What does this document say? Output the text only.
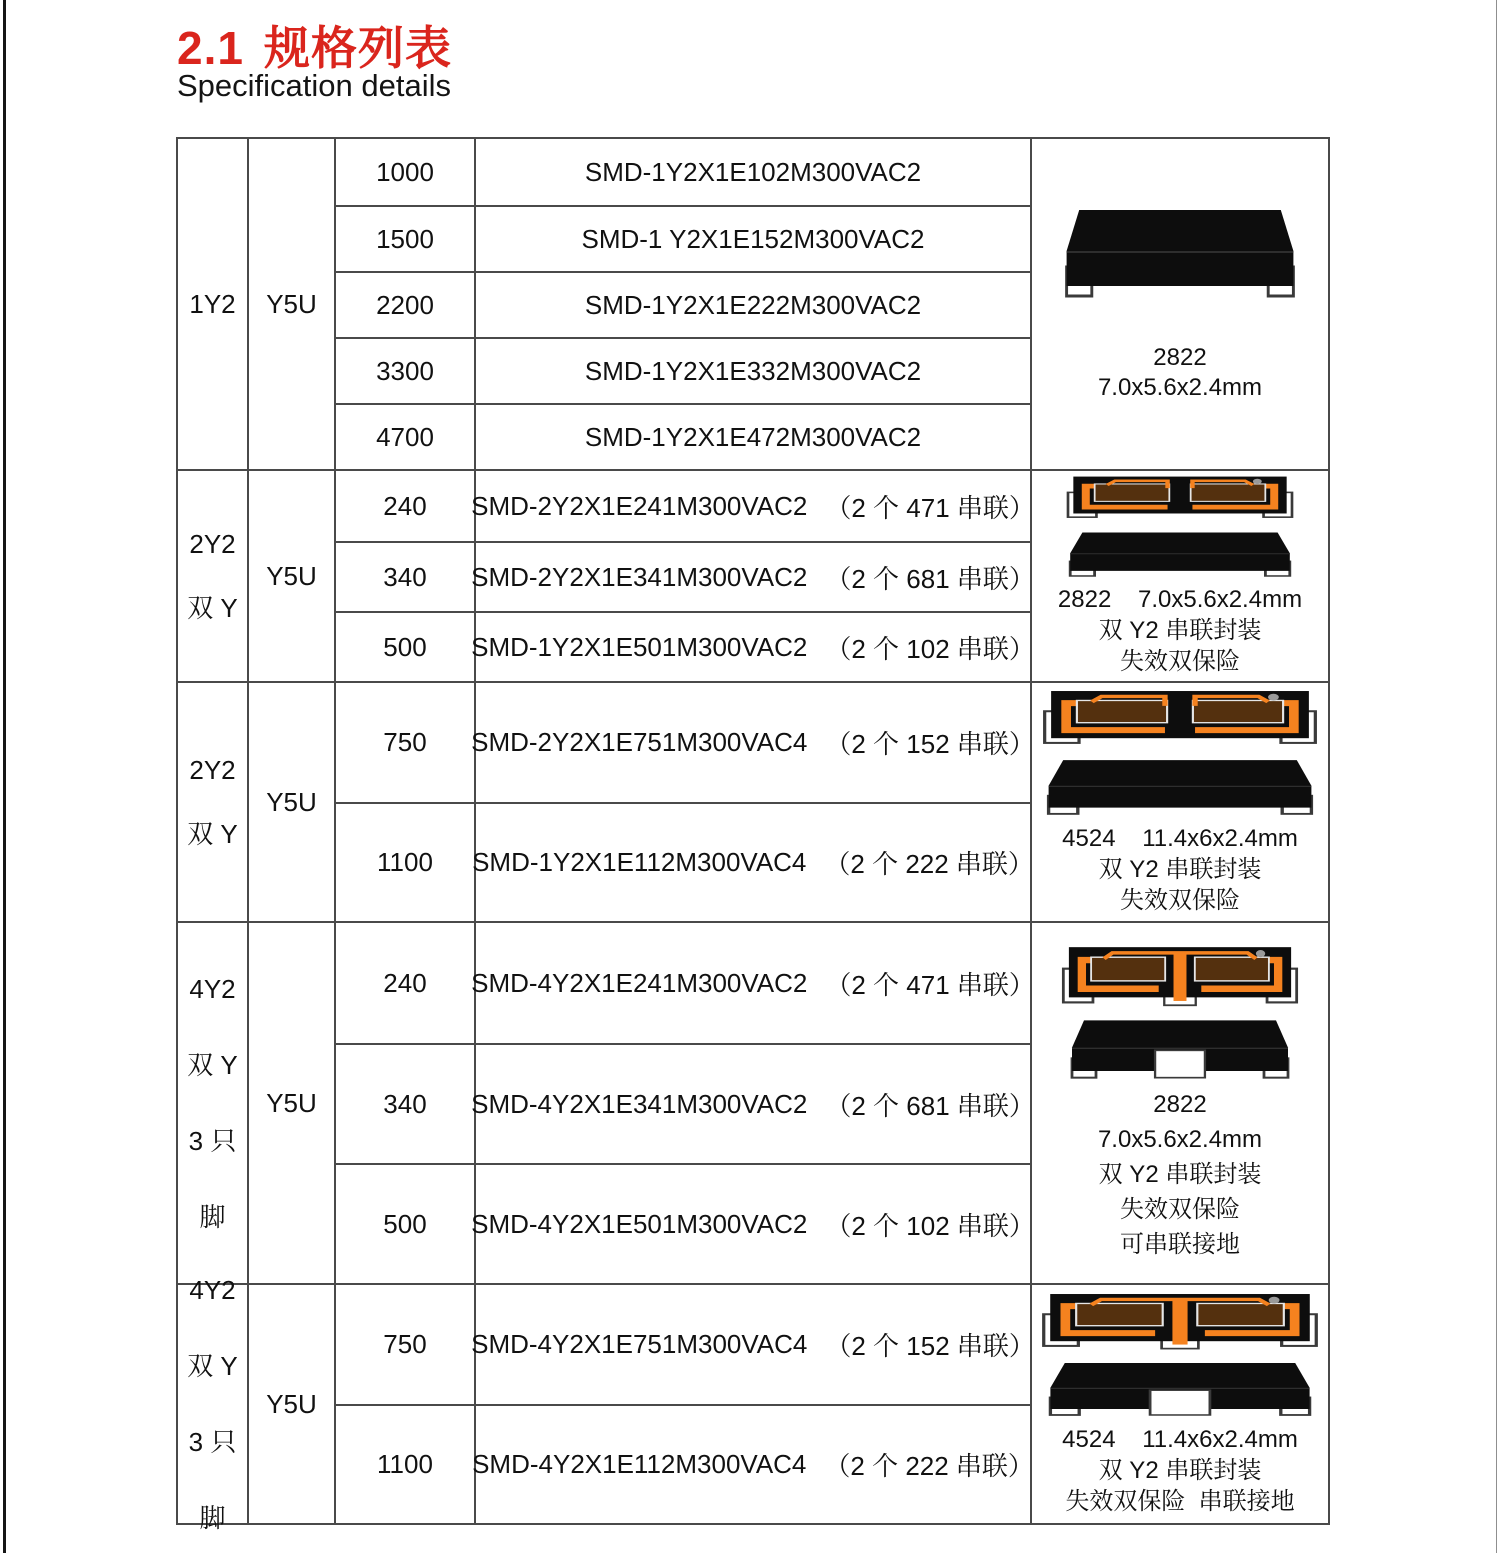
2.1 规格列表
Specification details
1Y2	Y5U
1000	SMD-1Y2X1E102M300VAC2
1500	SMD-1 Y2X1E152M300VAC2
2200	SMD-1Y2X1E222M300VAC2
3300	SMD-1Y2X1E332M300VAC2
4700	SMD-1Y2X1E472M300VAC2
2822
7.0x5.6x2.4mm
2Y2
双 Y
Y5U
240	SMD-2Y2X1E241M300VAC2 （2 个 471 串联）
340	SMD-2Y2X1E341M300VAC2 （2 个 681 串联）
500	SMD-1Y2X1E501M300VAC2 （2 个 102 串联）
2822    7.0x5.6x2.4mm
双 Y2 串联封装
失效双保险
2Y2
双 Y
Y5U
750	SMD-2Y2X1E751M300VAC4 （2 个 152 串联）
1100	SMD-1Y2X1E112M300VAC4 （2 个 222 串联）
4524    11.4x6x2.4mm
双 Y2 串联封装
失效双保险
4Y2
双 Y
3 只
脚
Y5U
240	SMD-4Y2X1E241M300VAC2 （2 个 471 串联）
340	SMD-4Y2X1E341M300VAC2 （2 个 681 串联）
500	SMD-4Y2X1E501M300VAC2 （2 个 102 串联）
2822
7.0x5.6x2.4mm
双 Y2 串联封装
失效双保险
可串联接地
4Y2
双 Y
3 只
脚
Y5U
750	SMD-4Y2X1E751M300VAC4 （2 个 152 串联）
1100	SMD-4Y2X1E112M300VAC4 （2 个 222 串联）
4524    11.4x6x2.4mm
双 Y2 串联封装
失效双保险  串联接地
